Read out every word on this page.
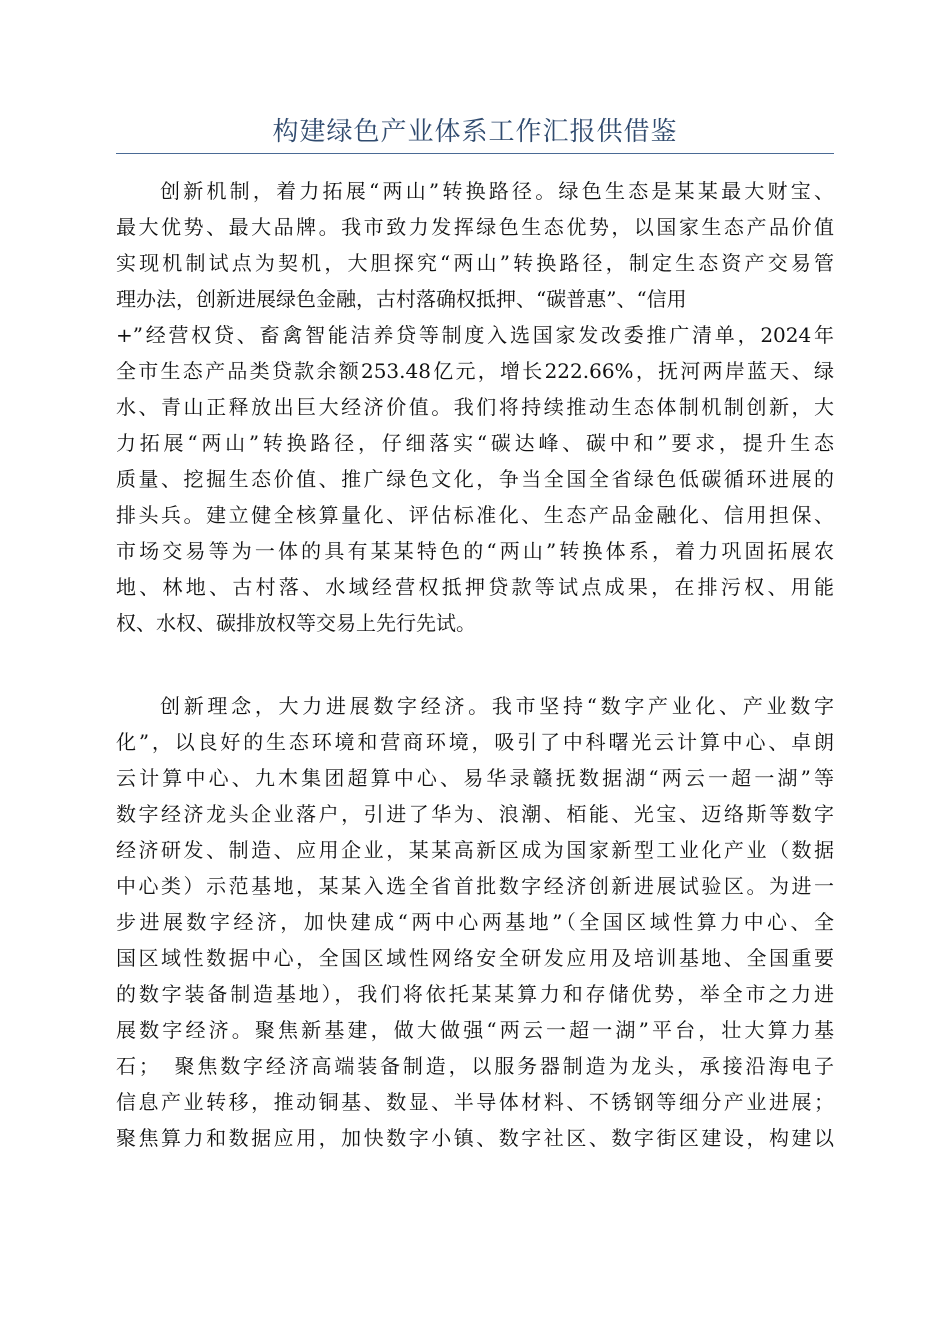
构建绿色产业体系工作汇报供借鉴
创新机制，着力拓展“两山”转换路径。绿色生态是某某最大财宝、
最大优势、最大品牌。我市致力发挥绿色生态优势，以国家生态产品价值
实现机制试点为契机，大胆探究“两山”转换路径，制定生态资产交易管
理办法，创新进展绿色金融，古村落确权抵押、“碳普惠”、“信用
+”经营权贷、畜禽智能洁养贷等制度入选国家发改委推广清单，2024年
全市生态产品类贷款余额253.48亿元，增长222.66%，抚河两岸蓝天、绿
水、青山正释放出巨大经济价值。我们将持续推动生态体制机制创新，大
力拓展“两山”转换路径，仔细落实“碳达峰、碳中和”要求，提升生态
质量、挖掘生态价值、推广绿色文化，争当全国全省绿色低碳循环进展的
排头兵。建立健全核算量化、评估标准化、生态产品金融化、信用担保、
市场交易等为一体的具有某某特色的“两山”转换体系，着力巩固拓展农
地、林地、古村落、水域经营权抵押贷款等试点成果，在排污权、用能
权、水权、碳排放权等交易上先行先试。
创新理念，大力进展数字经济。我市坚持“数字产业化、产业数字
化”，以良好的生态环境和营商环境，吸引了中科曙光云计算中心、卓朗
云计算中心、九木集团超算中心、易华录赣抚数据湖“两云一超一湖”等
数字经济龙头企业落户，引进了华为、浪潮、栢能、光宝、迈络斯等数字
经济研发、制造、应用企业，某某高新区成为国家新型工业化产业（数据
中心类）示范基地，某某入选全省首批数字经济创新进展试验区。为进一
步进展数字经济，加快建成“两中心两基地”（全国区域性算力中心、全
国区域性数据中心，全国区域性网络安全研发应用及培训基地、全国重要
的数字装备制造基地），我们将依托某某算力和存储优势，举全市之力进
展数字经济。聚焦新基建，做大做强“两云一超一湖”平台，壮大算力基
石；　聚焦数字经济高端装备制造，以服务器制造为龙头，承接沿海电子
信息产业转移，推动铜基、数显、半导体材料、不锈钢等细分产业进展；
聚焦算力和数据应用，加快数字小镇、数字社区、数字街区建设，构建以
